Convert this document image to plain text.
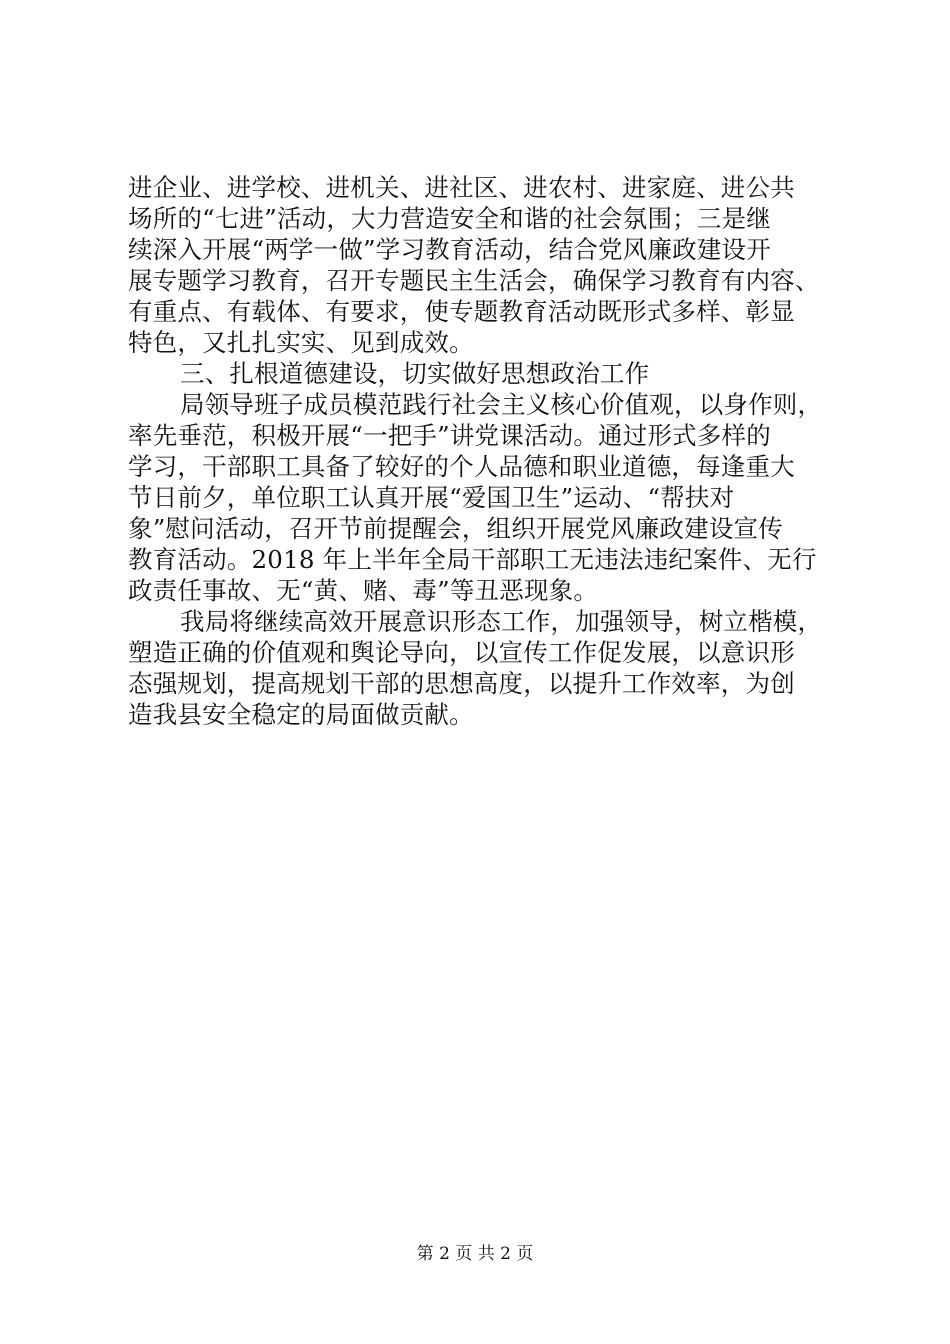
进企业、进学校、进机关、进社区、进农村、进家庭、进公共
场所的“七进”活动，大力营造安全和谐的社会氛围；三是继
续深入开展“两学一做”学习教育活动，结合党风廉政建设开
展专题学习教育，召开专题民主生活会，确保学习教育有内容、
有重点、有载体、有要求，使专题教育活动既形式多样、彰显
特色，又扎扎实实、见到成效。
三、扎根道德建设，切实做好思想政治工作
局领导班子成员模范践行社会主义核心价值观，以身作则，
率先垂范，积极开展“一把手”讲党课活动。通过形式多样的
学习，干部职工具备了较好的个人品德和职业道德，每逢重大
节日前夕，单位职工认真开展“爱国卫生”运动、“帮扶对
象”慰问活动，召开节前提醒会，组织开展党风廉政建设宣传
教育活动。2018 年上半年全局干部职工无违法违纪案件、无行
政责任事故、无“黄、赌、毒”等丑恶现象。
我局将继续高效开展意识形态工作，加强领导，树立楷模，
塑造正确的价值观和舆论导向，以宣传工作促发展，以意识形
态强规划，提高规划干部的思想高度，以提升工作效率，为创
造我县安全稳定的局面做贡献。
第 2 页 共 2 页
